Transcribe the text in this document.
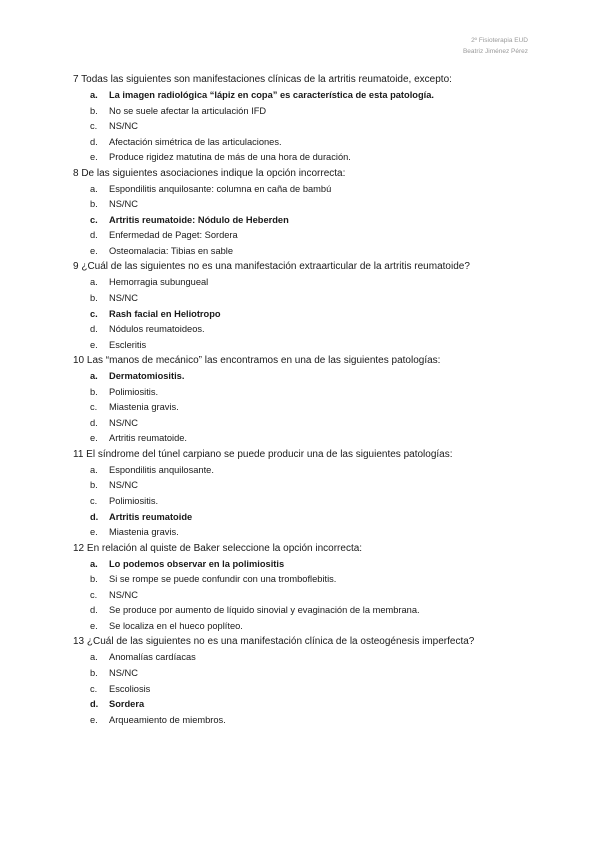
2º Fisioterapia EUD
Beatriz Jiménez Pérez
7 Todas las siguientes son manifestaciones clínicas de la artritis reumatoide, excepto:
a.	La imagen radiológica “lápiz en copa” es característica de esta patología.
b.	No se suele afectar la articulación IFD
c.	NS/NC
d.	Afectación simétrica de las articulaciones.
e.	Produce rigidez matutina de más de una hora de duración.
8 De las siguientes asociaciones indique la opción incorrecta:
a.	Espondilitis anquilosante: columna en caña de bambú
b.	NS/NC
c.	Artritis reumatoide: Nódulo de Heberden
d.	Enfermedad de Paget: Sordera
e.	Osteomalacia: Tibias en sable
9 ¿Cuál de las siguientes no es una manifestación extraarticular de la artritis reumatoide?
a.	Hemorragia subungueal
b.	NS/NC
c.	Rash facial en Heliotropo
d.	Nódulos reumatoideos.
e.	Escleritis
10 Las “manos de mecánico” las encontramos en una de las siguientes patologías:
a.	Dermatomiositis.
b.	Polimiositis.
c.	Miastenia gravis.
d.	NS/NC
e.	Artritis reumatoide.
11 El síndrome del túnel carpiano se puede producir una de las siguientes patologías:
a.	Espondilitis anquilosante.
b.	NS/NC
c.	Polimiositis.
d.	Artritis reumatoide
e.	Miastenia gravis.
12 En relación al quiste de Baker seleccione la opción incorrecta:
a.	Lo podemos observar en la polimiositis
b.	Si se rompe se puede confundir con una tromboflebitis.
c.	NS/NC
d.	Se produce por aumento de líquido sinovial y evaginación de la membrana.
e.	Se localiza en el hueco poplíteo.
13 ¿Cuál de las siguientes no es una manifestación clínica de la osteogénesis imperfecta?
a.	Anomalías cardíacas
b.	NS/NC
c.	Escoliosis
d.	Sordera
e.	Arqueamiento de miembros.
